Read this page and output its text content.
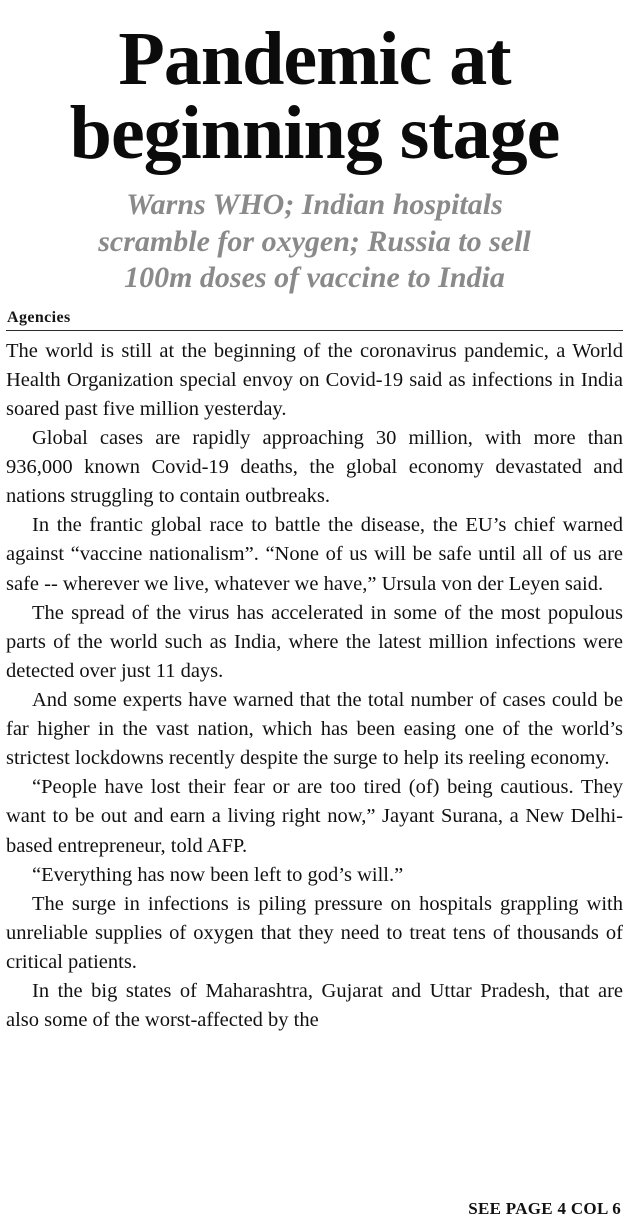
Pandemic at
beginning stage
Warns WHO; Indian hospitals
scramble for oxygen; Russia to sell
100m doses of vaccine to India
Agencies

The world is still at the beginning of the coronavirus pandemic, a World Health Organization special envoy on Covid-19 said as infections in India soared past five million yesterday.

Global cases are rapidly approaching 30 million, with more than 936,000 known Covid-19 deaths, the global economy devastated and nations struggling to contain outbreaks.

In the frantic global race to battle the disease, the EU’s chief warned against “vaccine nationalism”. “None of us will be safe until all of us are safe -- wherever we live, whatever we have,” Ursula von der Leyen said.

The spread of the virus has accelerated in some of the most populous parts of the world such as India, where the latest million infections were detected over just 11 days.

And some experts have warned that the total number of cases could be far higher in the vast nation, which has been easing one of the world’s strictest lockdowns recently despite the surge to help its reeling economy.

“People have lost their fear or are too tired (of) being cautious. They want to be out and earn a living right now,” Jayant Surana, a New Delhi-based entrepreneur, told AFP.

“Everything has now been left to god’s will.”

The surge in infections is piling pressure on hospitals grappling with unreliable supplies of oxygen that they need to treat tens of thousands of critical patients.

In the big states of Maharashtra, Gujarat and Uttar Pradesh, that are also some of the worst-affected by the

SEE PAGE 4 COL 6
